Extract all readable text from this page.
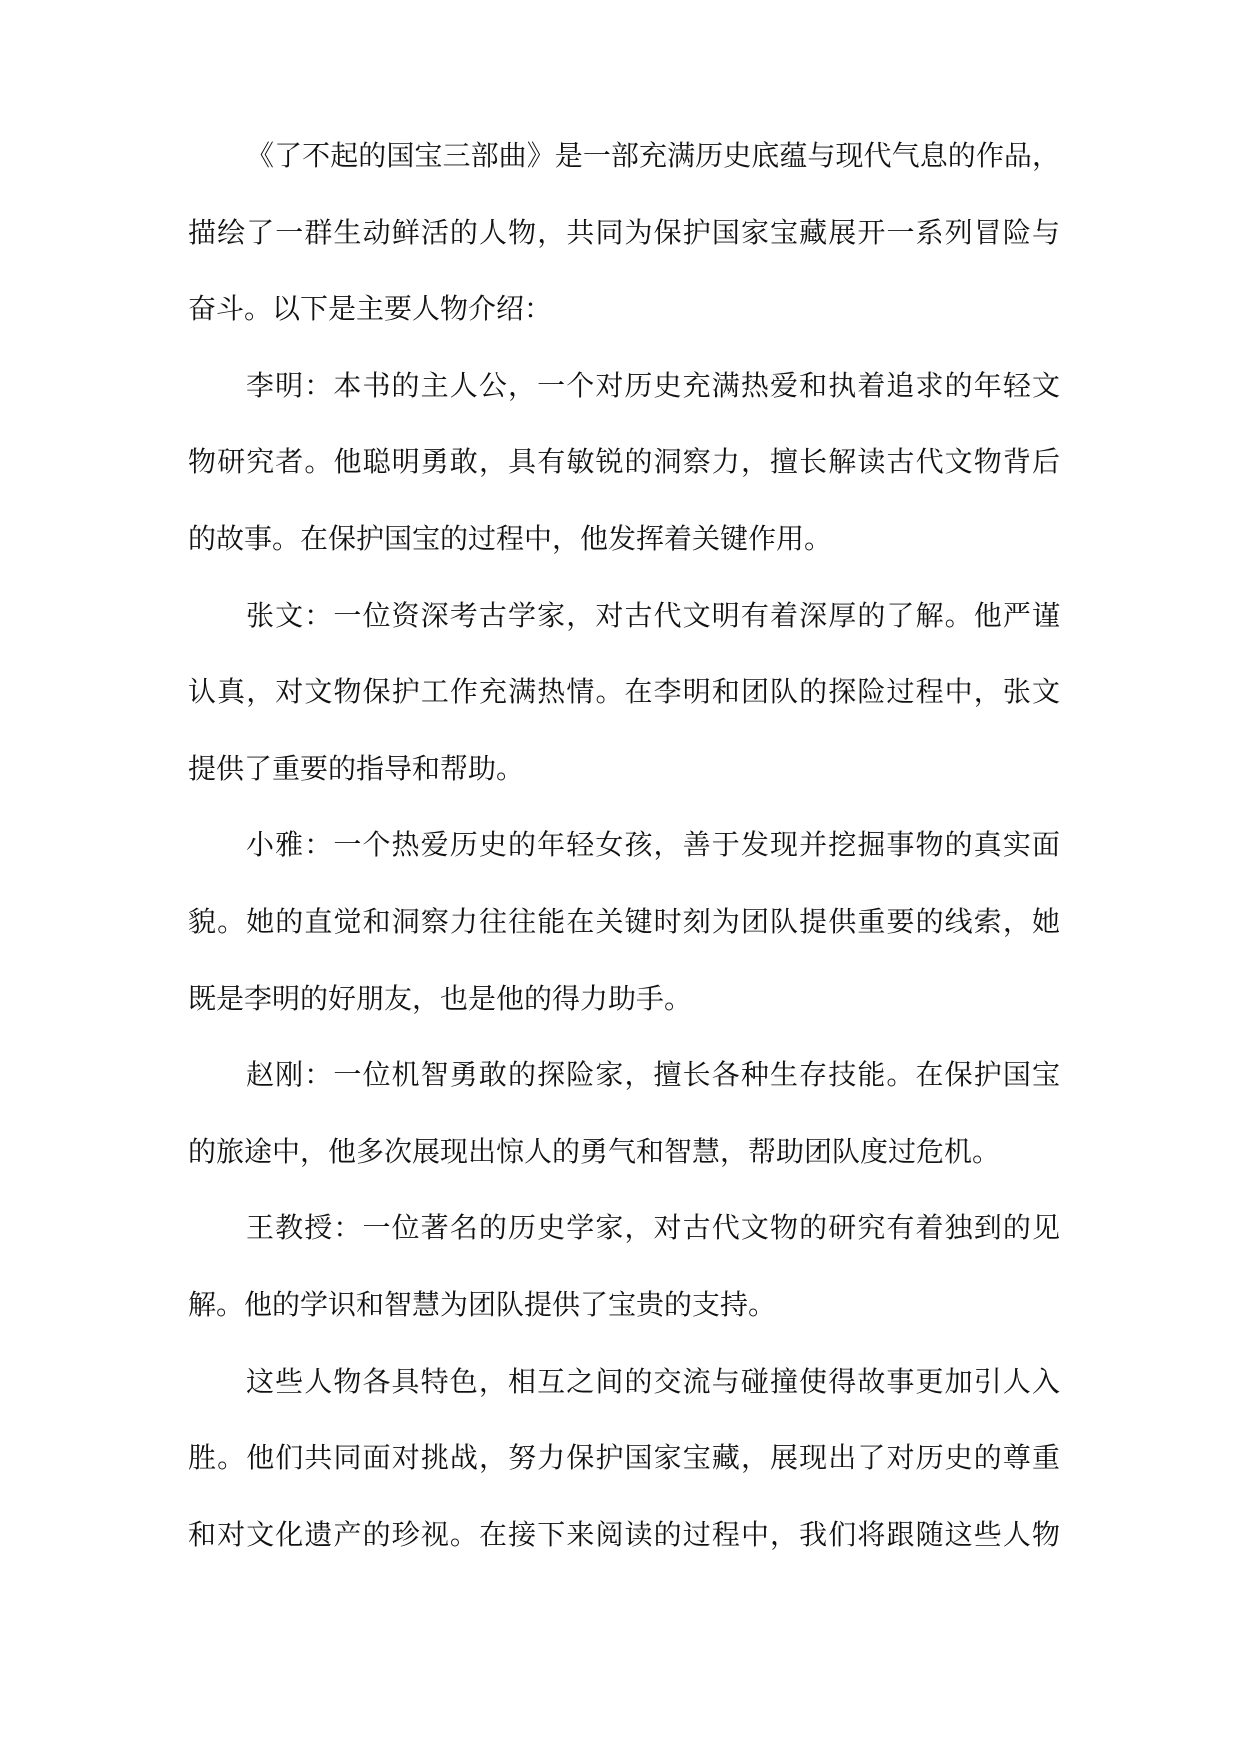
《了不起的国宝三部曲》是一部充满历史底蕴与现代气息的作品，
描绘了一群生动鲜活的人物，共同为保护国家宝藏展开一系列冒险与
奋斗。以下是主要人物介绍：
李明：本书的主人公，一个对历史充满热爱和执着追求的年轻文
物研究者。他聪明勇敢，具有敏锐的洞察力，擅长解读古代文物背后
的故事。在保护国宝的过程中，他发挥着关键作用。
张文：一位资深考古学家，对古代文明有着深厚的了解。他严谨
认真，对文物保护工作充满热情。在李明和团队的探险过程中，张文
提供了重要的指导和帮助。
小雅：一个热爱历史的年轻女孩，善于发现并挖掘事物的真实面
貌。她的直觉和洞察力往往能在关键时刻为团队提供重要的线索，她
既是李明的好朋友，也是他的得力助手。
赵刚：一位机智勇敢的探险家，擅长各种生存技能。在保护国宝
的旅途中，他多次展现出惊人的勇气和智慧，帮助团队度过危机。
王教授：一位著名的历史学家，对古代文物的研究有着独到的见
解。他的学识和智慧为团队提供了宝贵的支持。
这些人物各具特色，相互之间的交流与碰撞使得故事更加引人入
胜。他们共同面对挑战，努力保护国家宝藏，展现出了对历史的尊重
和对文化遗产的珍视。在接下来阅读的过程中，我们将跟随这些人物
